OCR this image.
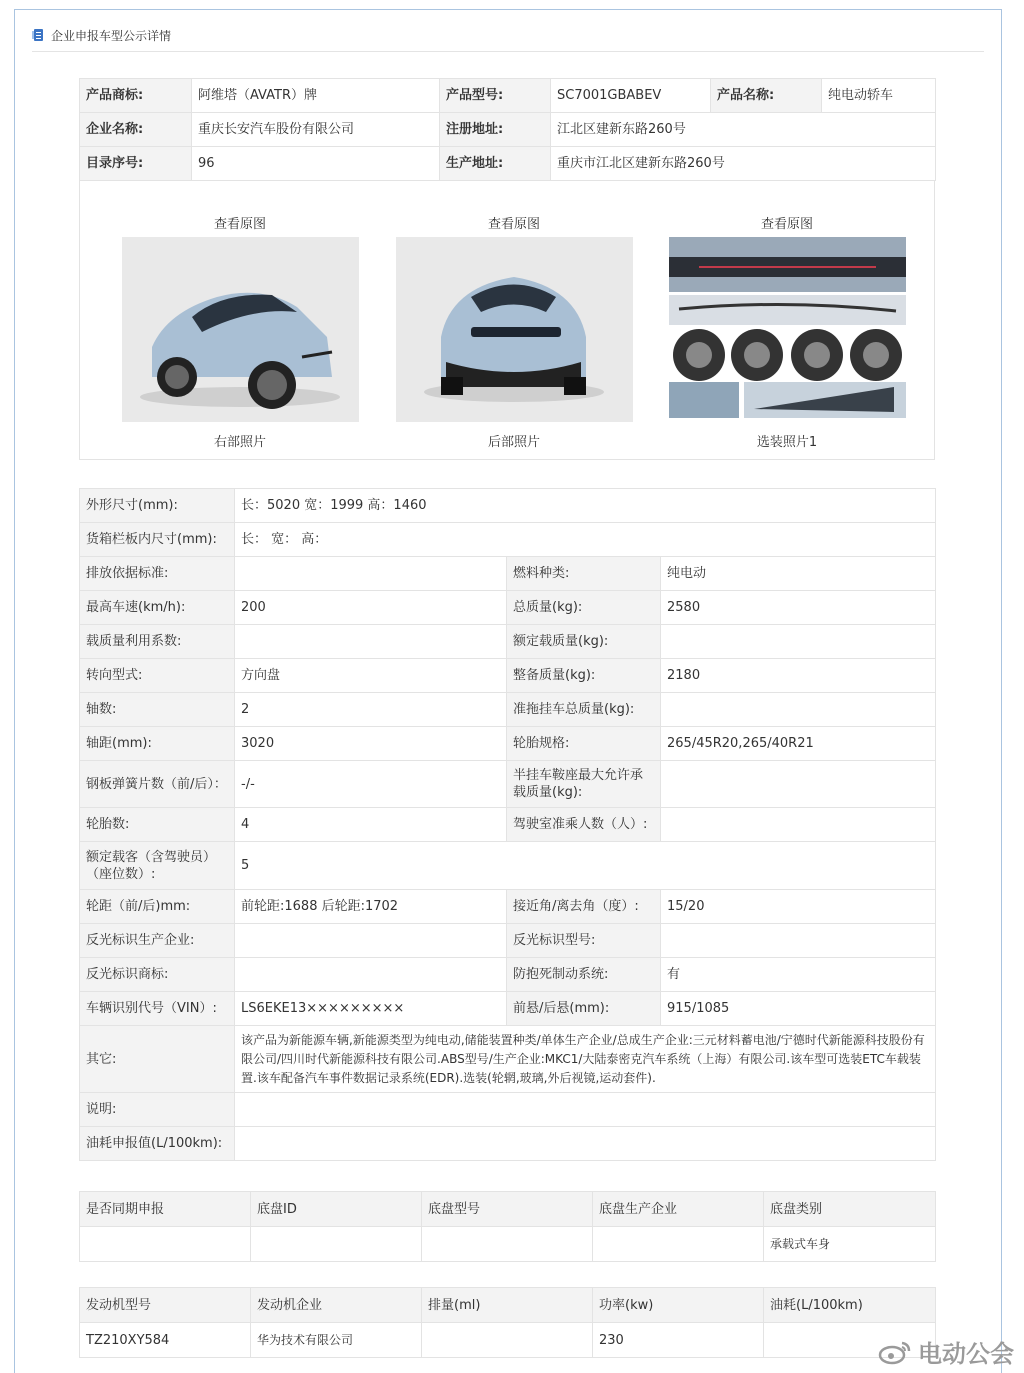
企业申报车型公示详情
产品商标:	阿维塔（AVATR）牌	产品型号:	SC7001GBABEV	产品名称:	纯电动轿车
企业名称:	重庆长安汽车股份有限公司	注册地址:	江北区建新东路260号		
目录序号:	96	生产地址:	重庆市江北区建新东路260号		
查看原图
右部照片
查看原图
后部照片
查看原图
选装照片1
外形尺寸(mm):	长：5020 宽：1999 高：1460		
货箱栏板内尺寸(mm):	长： 宽： 高：		
排放依据标准:		燃料种类:	纯电动
最高车速(km/h):	200	总质量(kg):	2580
载质量利用系数:		额定载质量(kg):	
转向型式:	方向盘	整备质量(kg):	2180
轴数:	2	准拖挂车总质量(kg):	
轴距(mm):	3020	轮胎规格:	265/45R20,265/40R21
钢板弹簧片数（前/后）：	-/-	半挂车鞍座最大允许承载质量(kg):	
轮胎数:	4	驾驶室准乘人数（人）:	
额定载客（含驾驶员）（座位数）:	5		
轮距（前/后)mm:	前轮距:1688 后轮距:1702	接近角/离去角（度）:	15/20
反光标识生产企业:		反光标识型号:	
反光标识商标:		防抱死制动系统:	有
车辆识别代号（VIN）:	LS6EKE13×××××××××	前悬/后悬(mm):	915/1085
其它:	该产品为新能源车辆,新能源类型为纯电动,储能装置种类/单体生产企业/总成生产企业:三元材料蓄电池/宁德时代新能源科技股份有限公司/四川时代新能源科技有限公司.ABS型号/生产企业:MKC1/大陆泰密克汽车系统（上海）有限公司.该车型可选装ETC车载装置.该车配备汽车事件数据记录系统(EDR).选装(轮辋,玻璃,外后视镜,运动套件).		
说明:			
油耗申报值(L/100km):			
是否同期申报	底盘ID	底盘型号	底盘生产企业	底盘类别
				承载式车身
发动机型号	发动机企业	排量(ml)	功率(kw)	油耗(L/100km)
TZ210XY584	华为技术有限公司		230		电动公会
